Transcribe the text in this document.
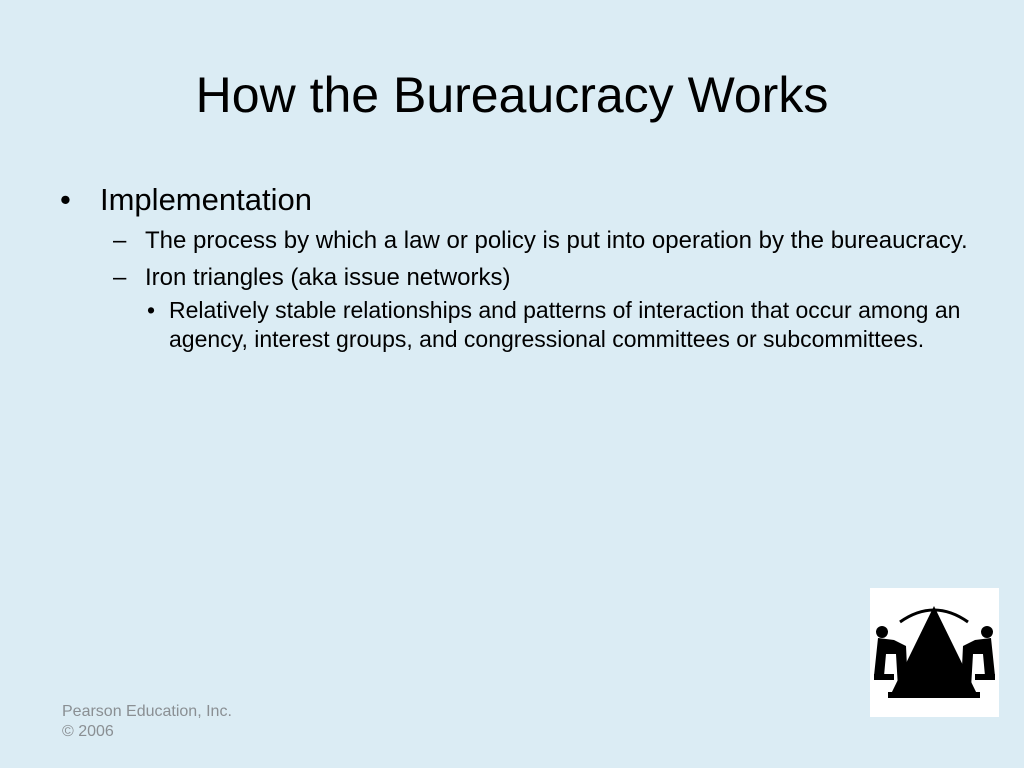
How the Bureaucracy Works
• Implementation
– The process by which a law or policy is put into operation by the bureaucracy.
– Iron triangles (aka issue networks)
• Relatively stable relationships and patterns of interaction that occur among an agency, interest groups, and congressional committees or subcommittees.
Pearson Education, Inc.
© 2006
